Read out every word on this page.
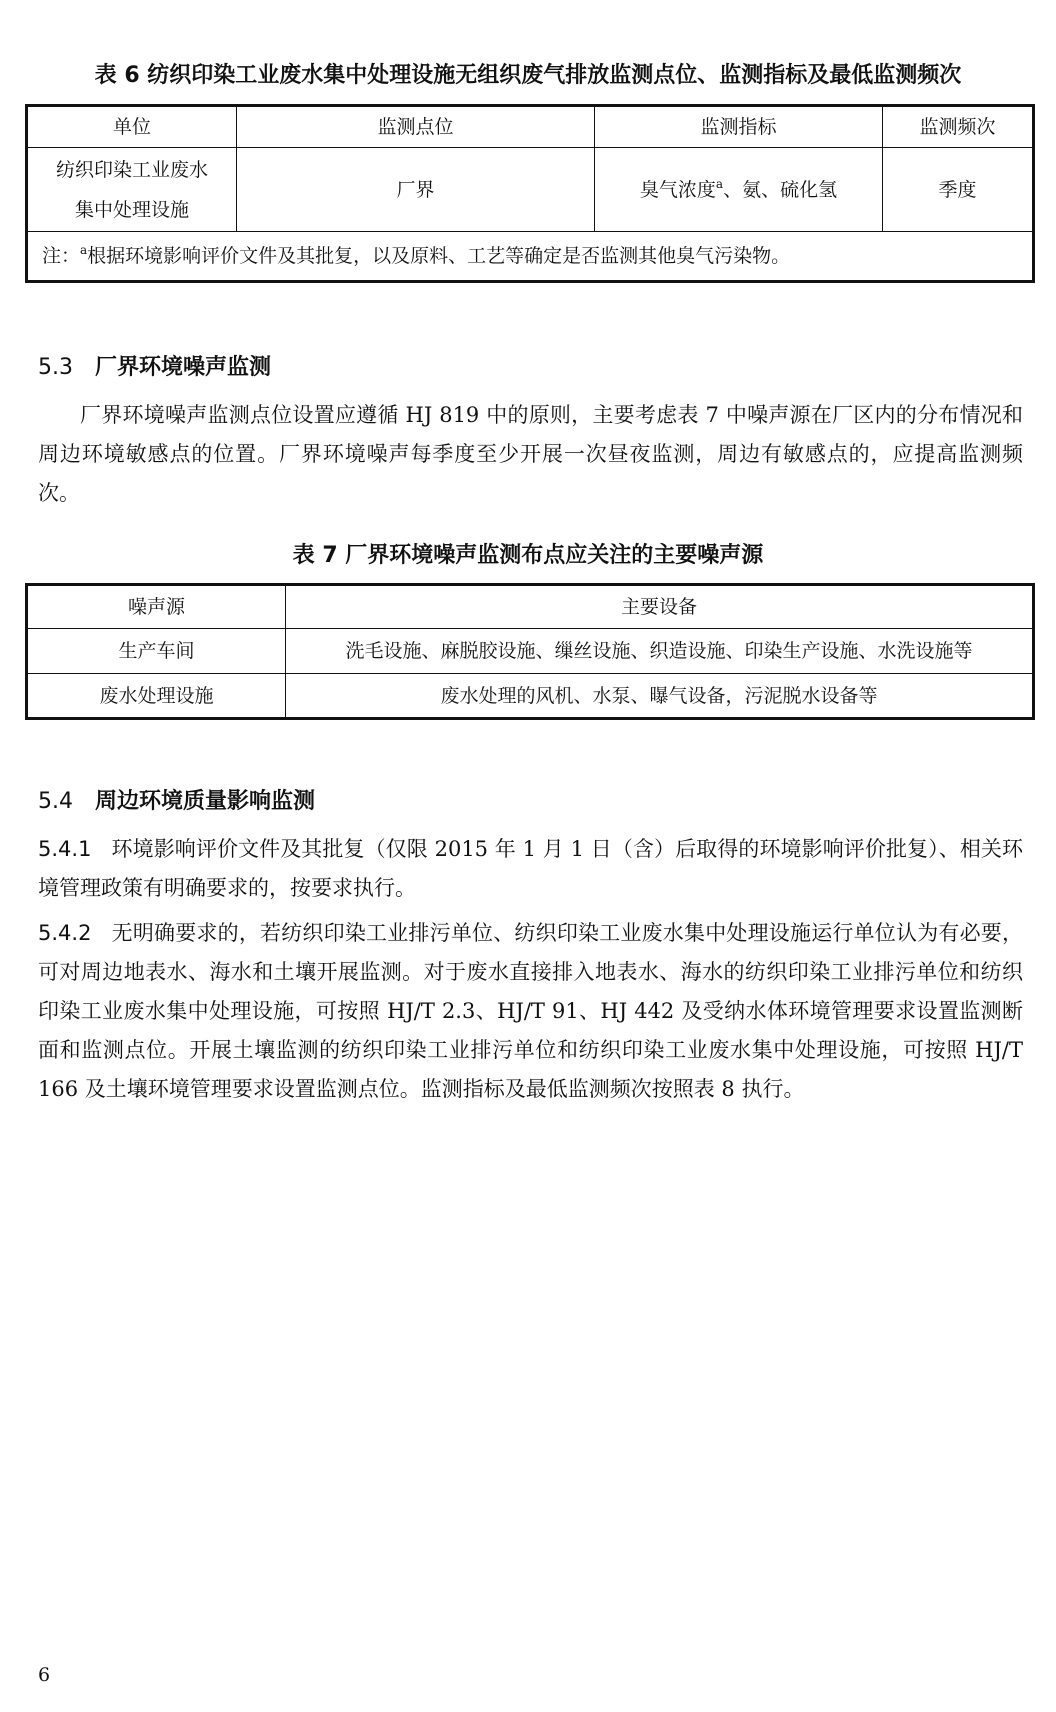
表 6 纺织印染工业废水集中处理设施无组织废气排放监测点位、监测指标及最低监测频次
单位	监测点位	监测指标	监测频次

纺织印染工业废水
集中处理设施	厂界	臭气浓度$^a$、氨、硫化氢	季度
注：$^a$根据环境影响评价文件及其批复，以及原料、工艺等确定是否监测其他臭气污染物。			
5.3 厂界环境噪声监测

厂界环境噪声监测点位设置应遵循 HJ 819 中的原则，主要考虑表 7 中噪声源在厂区内的分布情况和周边环境敏感点的位置。厂界环境噪声每季度至少开展一次昼夜监测，周边有敏感点的，应提高监测频次。

表 7 厂界环境噪声监测布点应关注的主要噪声源
噪声源	主要设备
生产车间	洗毛设施、麻脱胶设施、缫丝设施、织造设施、印染生产设施、水洗设施等
废水处理设施	废水处理的风机、水泵、曝气设备，污泥脱水设备等
5.4 周边环境质量影响监测

5.4.1 环境影响评价文件及其批复（仅限 2015 年 1 月 1 日（含）后取得的环境影响评价批复）、相关环境管理政策有明确要求的，按要求执行。

5.4.2 无明确要求的，若纺织印染工业排污单位、纺织印染工业废水集中处理设施运行单位认为有必要，可对周边地表水、海水和土壤开展监测。对于废水直接排入地表水、海水的纺织印染工业排污单位和纺织印染工业废水集中处理设施，可按照 HJ/T 2.3、HJ/T 91、HJ 442 及受纳水体环境管理要求设置监测断面和监测点位。开展土壤监测的纺织印染工业排污单位和纺织印染工业废水集中处理设施，可按照 HJ/T 166 及土壤环境管理要求设置监测点位。监测指标及最低监测频次按照表 8 执行。

6
